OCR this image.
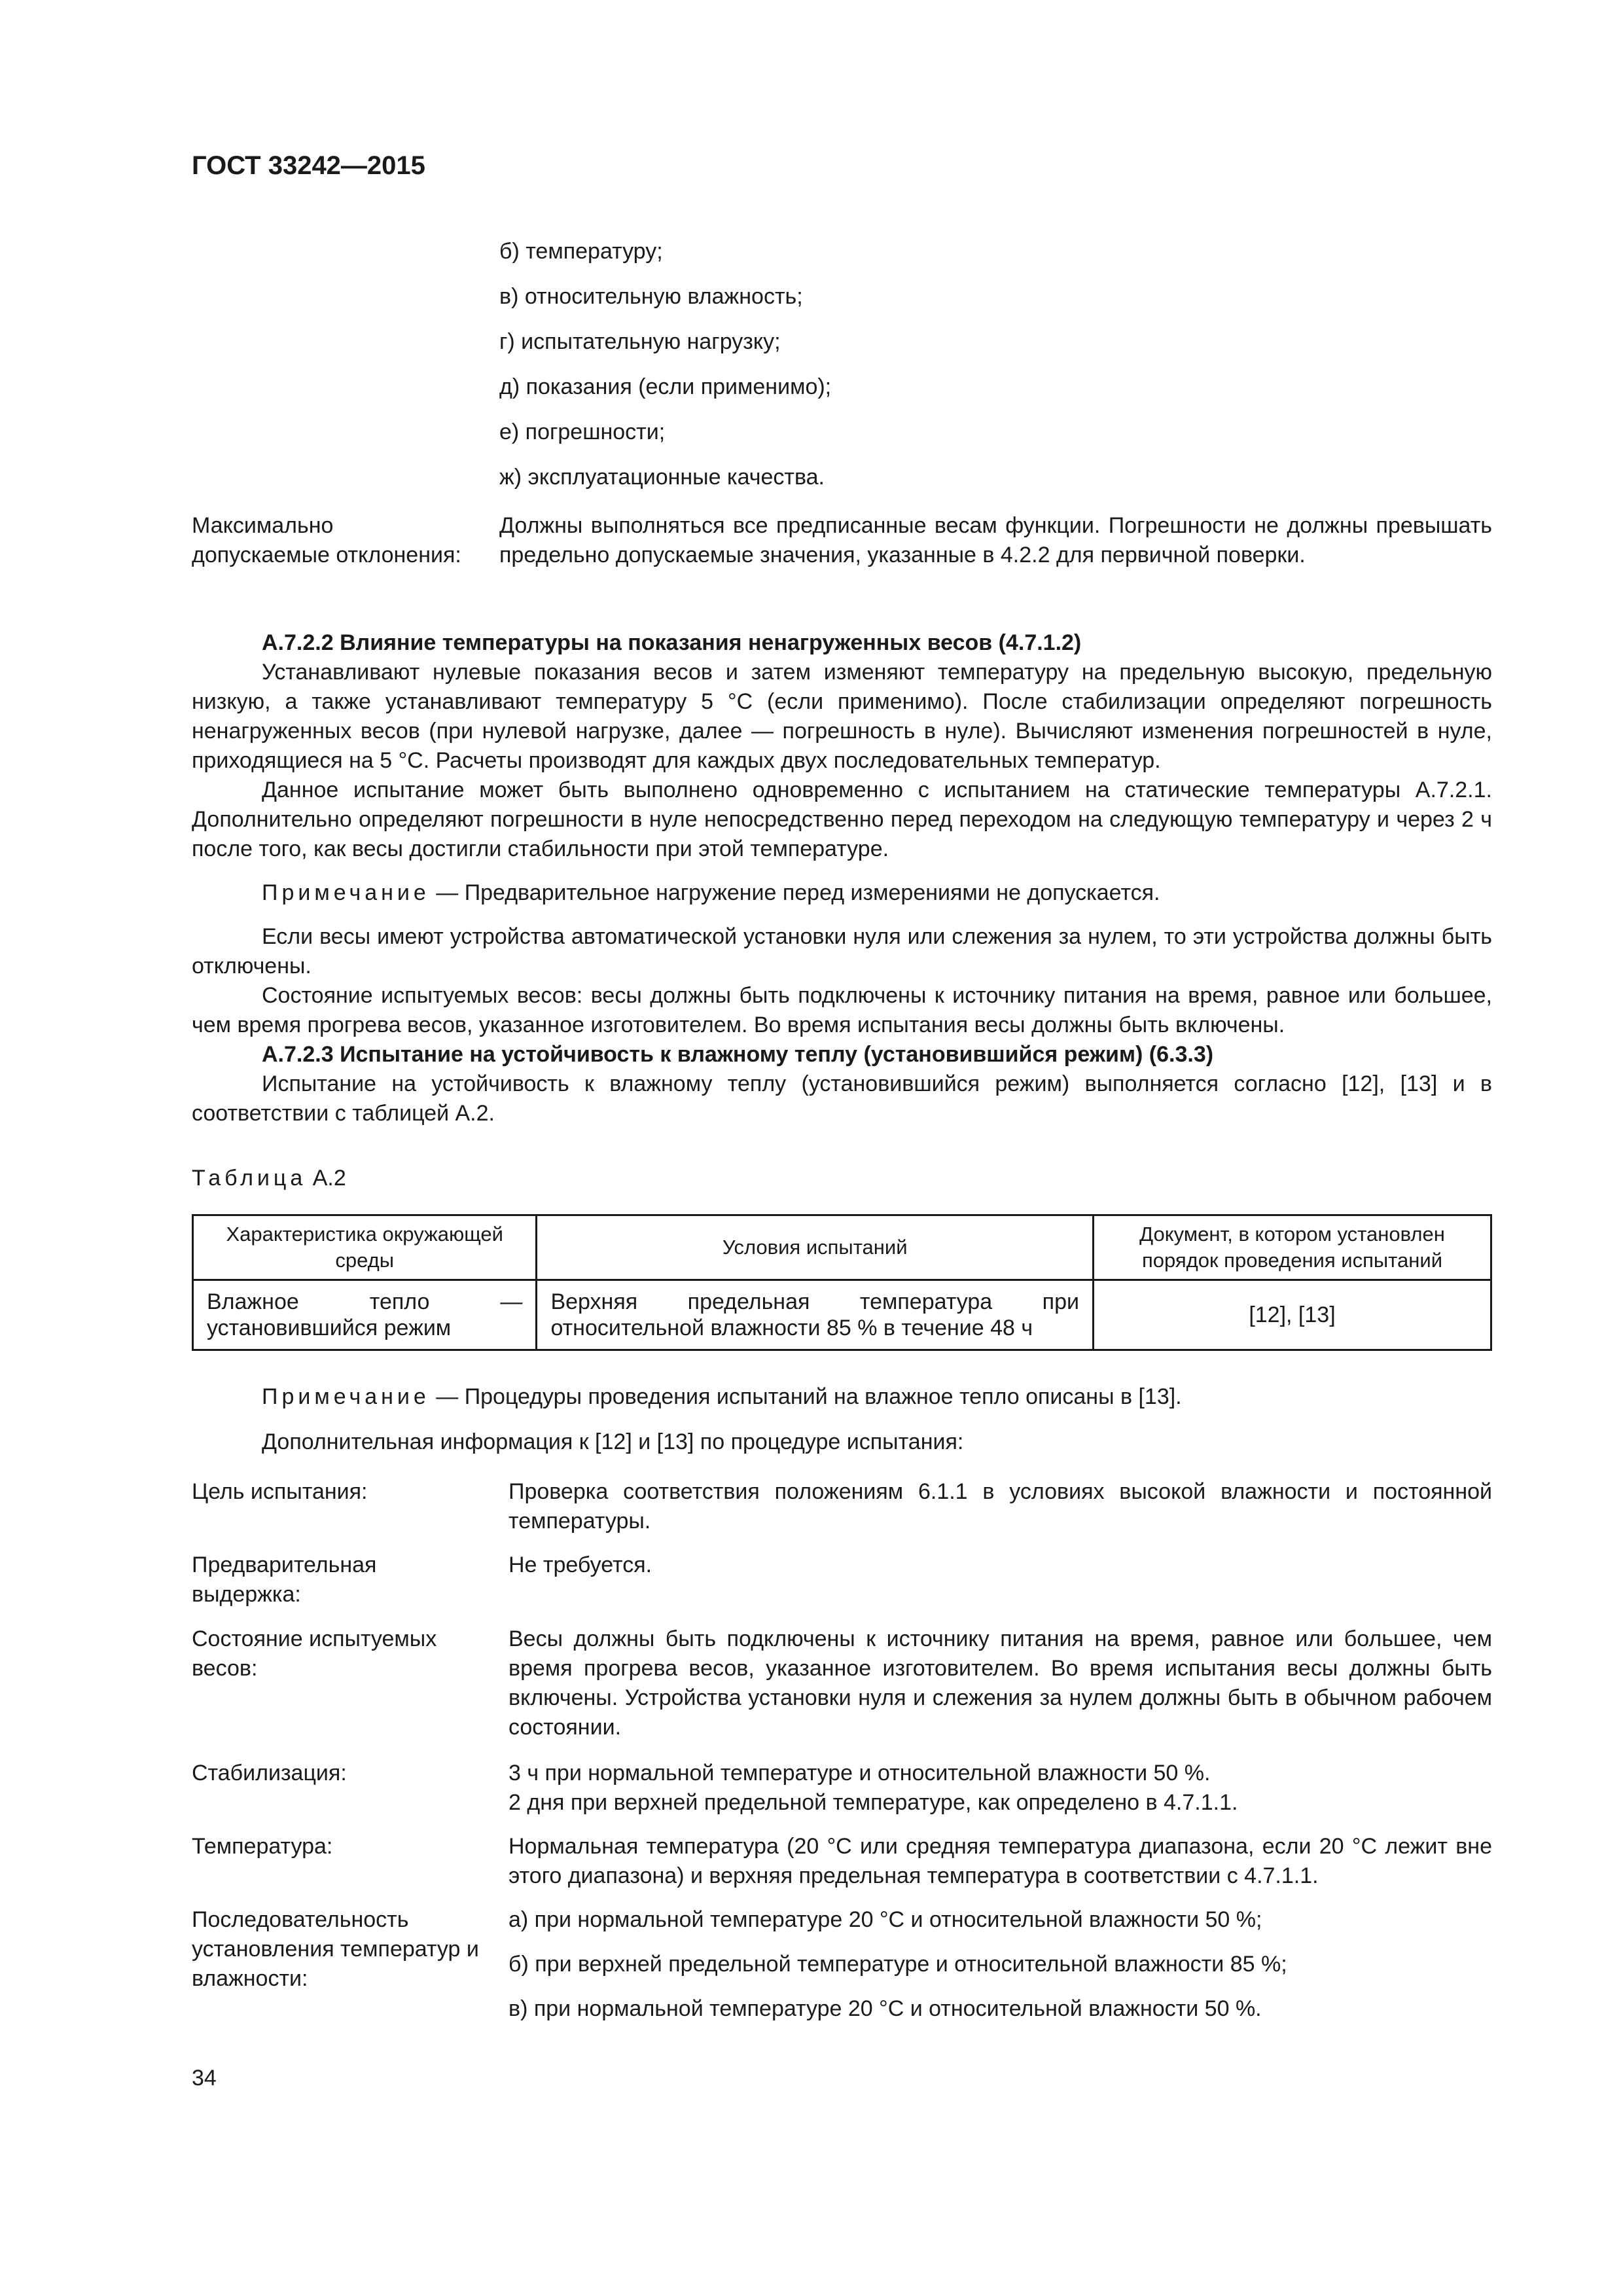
ГОСТ 33242—2015

б) температуру;

в) относительную влажность;

г) испытательную нагрузку;

д) показания (если применимо);

е) погрешности;

ж) эксплуатационные качества.

Максимально допускаемые отклонения:
Должны выполняться все предписанные весам функции. Погрешности не должны превышать предельно допускаемые значения, указанные в 4.2.2 для первичной поверки.

А.7.2.2 Влияние температуры на показания ненагруженных весов (4.7.1.2)

Устанавливают нулевые показания весов и затем изменяют температуру на предельную высокую, предельную низкую, а также устанавливают температуру 5 °C (если применимо). После стабилизации определяют погрешность ненагруженных весов (при нулевой нагрузке, далее — погрешность в нуле). Вычисляют изменения погрешностей в нуле, приходящиеся на 5 °C. Расчеты производят для каждых двух последовательных температур.

Данное испытание может быть выполнено одновременно с испытанием на статические температуры А.7.2.1. Дополнительно определяют погрешности в нуле непосредственно перед переходом на следующую температуру и через 2 ч после того, как весы достигли стабильности при этой температуре.

Примечание — Предварительное нагружение перед измерениями не допускается.

Если весы имеют устройства автоматической установки нуля или слежения за нулем, то эти устройства должны быть отключены.

Состояние испытуемых весов: весы должны быть подключены к источнику питания на время, равное или большее, чем время прогрева весов, указанное изготовителем. Во время испытания весы должны быть включены.

А.7.2.3 Испытание на устойчивость к влажному теплу (установившийся режим) (6.3.3)

Испытание на устойчивость к влажному теплу (установившийся режим) выполняется согласно [12], [13] и в соответствии с таблицей А.2.

Таблица А.2
Характеристика окружающей среды	Условия испытаний	Документ, в котором установлен порядок проведения испытаний
Влажное тепло — установившийся режим	Верхняя предельная температура при относительной влажности 85 % в течение 48 ч	[12], [13]
Примечание — Процедуры проведения испытаний на влажное тепло описаны в [13].
Дополнительная информация к [12] и [13] по процедуре испытания:
Цель испытания:	Проверка соответствия положениям 6.1.1 в условиях высокой влажности и постоянной температуры.
Предварительная выдержка:
Не требуется.
Состояние испытуемых весов:
Весы должны быть подключены к источнику питания на время, равное или большее, чем время прогрева весов, указанное изготовителем. Во время испытания весы должны быть включены. Устройства установки нуля и слежения за нулем должны быть в обычном рабочем состоянии.
Стабилизация:	3 ч при нормальной температуре и относительной влажности 50 %.
2 дня при верхней предельной температуре, как определено в 4.7.1.1.
Температура:	Нормальная температура (20 °C или средняя температура диапазона, если 20 °C лежит вне этого диапазона) и верхняя предельная температура в соответствии с 4.7.1.1.
Последовательность установления температур и влажности:
а) при нормальной температуре 20 °C и относительной влажности 50 %;
б) при верхней предельной температуре и относительной влажности 85 %;
в) при нормальной температуре 20 °C и относительной влажности 50 %.
34
